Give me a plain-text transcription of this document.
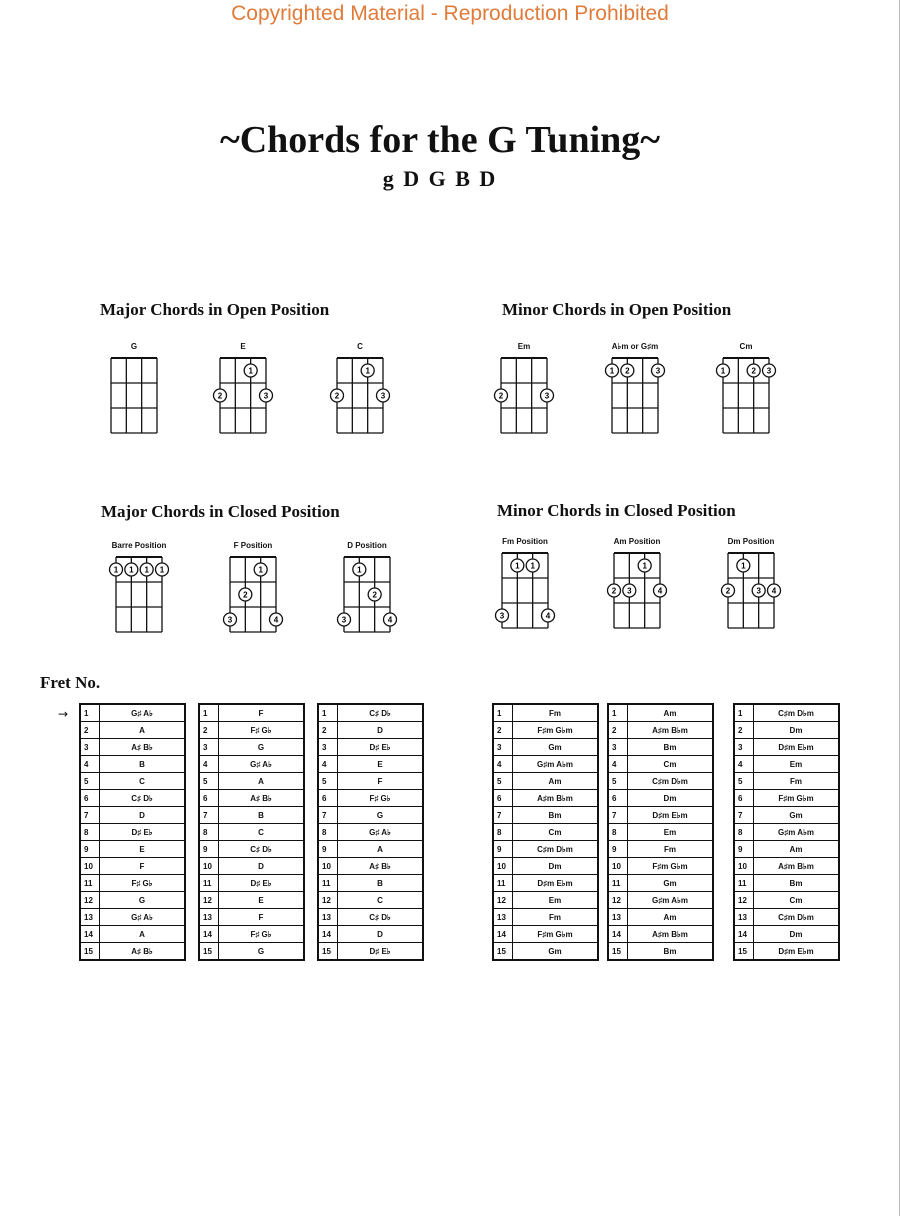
Copyrighted Material - Reproduction Prohibited
~Chords for the G Tuning~
g D G B D
Major Chords in Open Position	Minor Chords in Open Position
Major Chords in Closed Position	Minor Chords in Closed Position
G	E
1
2	3
C
1
2	3
Em
2	3
A♭m or G♯m
1 2	3
Cm
1	2 3
Barre Position
1 1 1 1
F Position
1
2
3	4
D Position
1
2
3	4
Fm Position
1 1
3	4
Am Position
1
2 3	4
Dm Position
1
2	3 4
Fret No.
→ 1	G♯ A♭
2	A
3	A♯ B♭
4	B
5	C
6	C♯ D♭
7	D
8	D♯ E♭
9	E
10	F
11	F♯ G♭
12	G
13	G♯ A♭
14	A
15	A♯ B♭
1	F
2	F♯ G♭
3	G
4	G♯ A♭
5	A
6	A♯ B♭
7	B
8	C
9	C♯ D♭
10	D
11	D♯ E♭
12	E
13	F
14	F♯ G♭
15	G
1	C♯ D♭
2	D
3	D♯ E♭
4	E
5	F
6	F♯ G♭
7	G
8	G♯ A♭
9	A
10	A♯ B♭
11	B
12	C
13	C♯ D♭
14	D
15	D♯ E♭
1	Fm
2	F♯m G♭m
3	Gm
4	G♯m A♭m
5	Am
6	A♯m B♭m
7	Bm
8	Cm
9	C♯m D♭m
10	Dm
11	D♯m E♭m
12	Em
13	Fm
14	F♯m G♭m
15	Gm
1	Am
2	A♯m B♭m
3	Bm
4	Cm
5	C♯m D♭m
6	Dm
7	D♯m E♭m
8	Em
9	Fm
10	F♯m G♭m
11	Gm
12	G♯m A♭m
13	Am
14	A♯m B♭m
15	Bm
1	C♯m D♭m
2	Dm
3	D♯m E♭m
4	Em
5	Fm
6	F♯m G♭m
7	Gm
8	G♯m A♭m
9	Am
10	A♯m B♭m
11	Bm
12	Cm
13	C♯m D♭m
14	Dm
15	D♯m E♭m
